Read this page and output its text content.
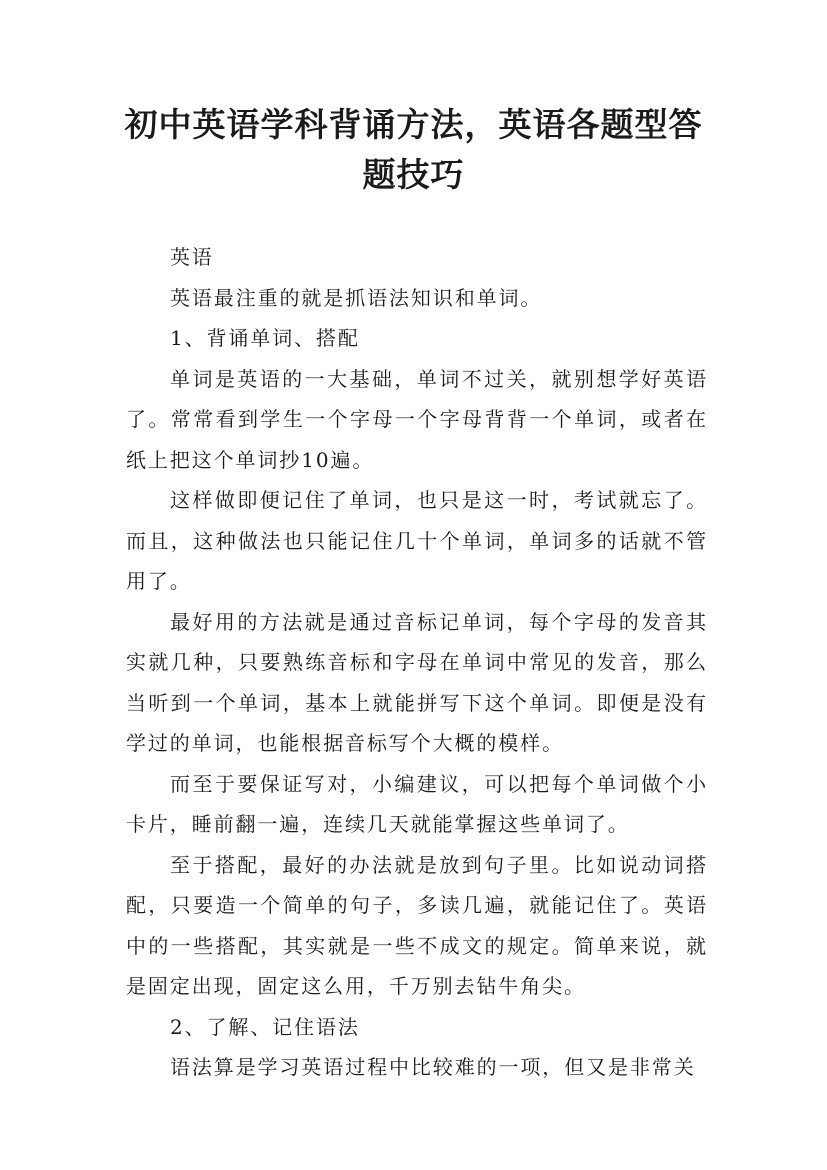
初中英语学科背诵方法，英语各题型答题技巧

英语

英语最注重的就是抓语法知识和单词。

1、背诵单词、搭配

单词是英语的一大基础，单词不过关，就别想学好英语了。常常看到学生一个字母一个字母背背一个单词，或者在纸上把这个单词抄10遍。

这样做即便记住了单词，也只是这一时，考试就忘了。而且，这种做法也只能记住几十个单词，单词多的话就不管用了。

最好用的方法就是通过音标记单词，每个字母的发音其实就几种，只要熟练音标和字母在单词中常见的发音，那么当听到一个单词，基本上就能拼写下这个单词。即便是没有学过的单词，也能根据音标写个大概的模样。

而至于要保证写对，小编建议，可以把每个单词做个小卡片，睡前翻一遍，连续几天就能掌握这些单词了。

至于搭配，最好的办法就是放到句子里。比如说动词搭配，只要造一个简单的句子，多读几遍，就能记住了。英语中的一些搭配，其实就是一些不成文的规定。简单来说，就是固定出现，固定这么用，千万别去钻牛角尖。

2、了解、记住语法

语法算是学习英语过程中比较难的一项，但又是非常关
